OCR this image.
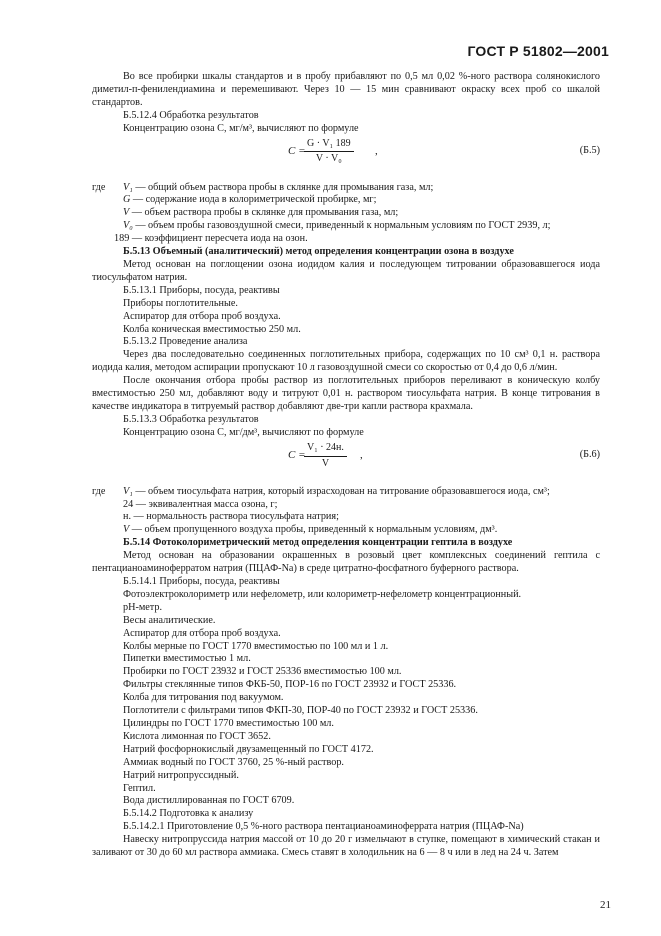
ГОСТ Р 51802—2001

Во все пробирки шкалы стандартов и в пробу прибавляют по 0,5 мл 0,02 %-ного раствора солянокислого диметил-п-фенилендиамина и перемешивают. Через 10 — 15 мин сравнивают окраску всех проб со шкалой стандартов.

Б.5.12.4 Обработка результатов

Концентрацию озона С, мг/м³, вычисляют по формуле

С =
$\frac{\text{G · V₁ 189}}{\text{V · V₀}}$ ,	(Б.5)

где V₁ — общий объем раствора пробы в склянке для промывания газа, мл;

G — содержание иода в колориметрической пробирке, мг;

V — объем раствора пробы в склянке для промывания газа, мл;

V₀ — объем пробы газовоздушной смеси, приведенный к нормальным условиям по ГОСТ 2939, л;

189 — коэффициент пересчета иода на озон.

Б.5.13 Объемный (аналитический) метод определения концентрации озона в воздухе

Метод основан на поглощении озона иодидом калия и последующем титровании образовавшегося иода тиосульфатом натрия.

Б.5.13.1 Приборы, посуда, реактивы

Приборы поглотительные.

Аспиратор для отбора проб воздуха.

Колба коническая вместимостью 250 мл.

Б.5.13.2 Проведение анализа

Через два последовательно соединенных поглотительных прибора, содержащих по 10 см³ 0,1 н. раствора иодида калия, методом аспирации пропускают 10 л газовоздушной смеси со скоростью от 0,4 до 0,6 л/мин.

После окончания отбора пробы раствор из поглотительных приборов переливают в коническую колбу вместимостью 250 мл, добавляют воду и титруют 0,01 н. раствором тиосульфата натрия. В конце титрования в качестве индикатора в титруемый раствор добавляют две-три капли раствора крахмала.

Б.5.13.3 Обработка результатов

Концентрацию озона С, мг/дм³, вычисляют по формуле

С =
V₁ · 24н.
V
,	(Б.6)

где V₁ — объем тиосульфата натрия, который израсходован на титрование образовавшегося иода, см³;

24 — эквивалентная масса озона, г;

н. — нормальность раствора тиосульфата натрия;

V — объем пропущенного воздуха пробы, приведенный к нормальным условиям, дм³.

Б.5.14 Фотоколориметрический метод определения концентрации гептила в воздухе

Метод основан на образовании окрашенных в розовый цвет комплексных соединений гептила с пентацианоаминоферратом натрия (ПЦАФ-Na) в среде цитратно-фосфатного буферного раствора.

Б.5.14.1 Приборы, посуда, реактивы

Фотоэлектроколориметр или нефелометр, или колориметр-нефелометр концентрационный.

рН-метр.

Весы аналитические.

Аспиратор для отбора проб воздуха.

Колбы мерные по ГОСТ 1770 вместимостью по 100 мл и 1 л.

Пипетки вместимостью 1 мл.

Пробирки по ГОСТ 23932 и ГОСТ 25336 вместимостью 100 мл.

Фильтры стеклянные типов ФКБ-50, ПОР-16 по ГОСТ 23932 и ГОСТ 25336.

Колба для титрования под вакуумом.

Поглотители с фильтрами типов ФКП-30, ПОР-40 по ГОСТ 23932 и ГОСТ 25336.

Цилиндры по ГОСТ 1770 вместимостью 100 мл.

Кислота лимонная по ГОСТ 3652.

Натрий фосфорнокислый двузамещенный по ГОСТ 4172.

Аммиак водный по ГОСТ 3760, 25 %-ный раствор.

Натрий нитропруссидный.

Гептил.

Вода дистиллированная по ГОСТ 6709.

Б.5.14.2 Подготовка к анализу

Б.5.14.2.1 Приготовление 0,5 %-ного раствора пентацианоаминоферрата натрия (ПЦАФ-Na)

Навеску нитропруссида натрия массой от 10 до 20 г измельчают в ступке, помещают в химический стакан и заливают от 30 до 60 мл раствора аммиака. Смесь ставят в холодильник на 6 — 8 ч или в лед на 24 ч. Затем

21
